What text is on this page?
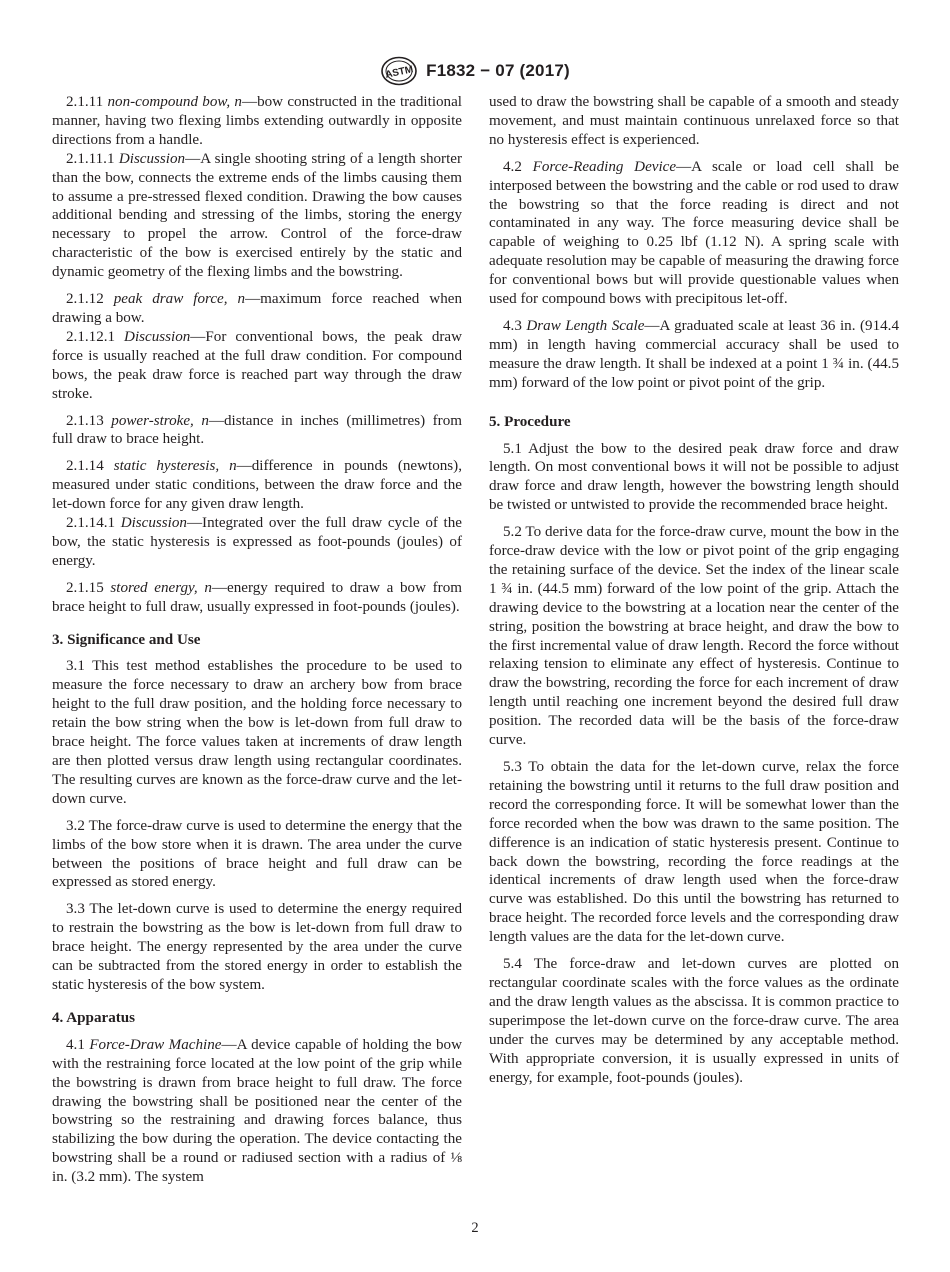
ASTM F1832 − 07 (2017)

2.1.11 non-compound bow, n—bow constructed in the traditional manner, having two flexing limbs extending outwardly in opposite directions from a handle.

2.1.11.1 Discussion—A single shooting string of a length shorter than the bow, connects the extreme ends of the limbs causing them to assume a pre-stressed flexed condition. Drawing the bow causes additional bending and stressing of the limbs, storing the energy necessary to propel the arrow. Control of the force-draw characteristic of the bow is exercised entirely by the static and dynamic geometry of the flexing limbs and the bowstring.

2.1.12 peak draw force, n—maximum force reached when drawing a bow.

2.1.12.1 Discussion—For conventional bows, the peak draw force is usually reached at the full draw condition. For compound bows, the peak draw force is reached part way through the draw stroke.

2.1.13 power-stroke, n—distance in inches (millimetres) from full draw to brace height.

2.1.14 static hysteresis, n—difference in pounds (newtons), measured under static conditions, between the draw force and the let-down force for any given draw length.

2.1.14.1 Discussion—Integrated over the full draw cycle of the bow, the static hysteresis is expressed as foot-pounds (joules) of energy.

2.1.15 stored energy, n—energy required to draw a bow from brace height to full draw, usually expressed in foot-pounds (joules).

3. Significance and Use

3.1 This test method establishes the procedure to be used to measure the force necessary to draw an archery bow from brace height to the full draw position, and the holding force necessary to retain the bow string when the bow is let-down from full draw to brace height. The force values taken at increments of draw length are then plotted versus draw length using rectangular coordinates. The resulting curves are known as the force-draw curve and the let-down curve.

3.2 The force-draw curve is used to determine the energy that the limbs of the bow store when it is drawn. The area under the curve between the positions of brace height and full draw can be expressed as stored energy.

3.3 The let-down curve is used to determine the energy required to restrain the bowstring as the bow is let-down from full draw to brace height. The energy represented by the area under the curve can be subtracted from the stored energy in order to establish the static hysteresis of the bow system.

4. Apparatus

4.1 Force-Draw Machine—A device capable of holding the bow with the restraining force located at the low point of the grip while the bowstring is drawn from brace height to full draw. The force drawing the bowstring shall be positioned near the center of the bowstring so the restraining and drawing forces balance, thus stabilizing the bow during the operation. The device contacting the bowstring shall be a round or radiused section with a radius of ⅛ in. (3.2 mm). The system

used to draw the bowstring shall be capable of a smooth and steady movement, and must maintain continuous unrelaxed force so that no hysteresis effect is experienced.

4.2 Force-Reading Device—A scale or load cell shall be interposed between the bowstring and the cable or rod used to draw the bowstring so that the force reading is direct and not contaminated in any way. The force measuring device shall be capable of weighing to 0.25 lbf (1.12 N). A spring scale with adequate resolution may be capable of measuring the drawing force for conventional bows but will provide questionable values when used for compound bows with precipitous let-off.

4.3 Draw Length Scale—A graduated scale at least 36 in. (914.4 mm) in length having commercial accuracy shall be used to measure the draw length. It shall be indexed at a point 1 ¾ in. (44.5 mm) forward of the low point or pivot point of the grip.

5. Procedure

5.1 Adjust the bow to the desired peak draw force and draw length. On most conventional bows it will not be possible to adjust draw force and draw length, however the bowstring length should be twisted or untwisted to provide the recommended brace height.

5.2 To derive data for the force-draw curve, mount the bow in the force-draw device with the low or pivot point of the grip engaging the retaining surface of the device. Set the index of the linear scale 1 ¾ in. (44.5 mm) forward of the low point of the grip. Attach the drawing device to the bowstring at a location near the center of the string, position the bowstring at brace height, and draw the bow to the first incremental value of draw length. Record the force without relaxing tension to eliminate any effect of hysteresis. Continue to draw the bowstring, recording the force for each increment of draw length until reaching one increment beyond the desired full draw position. The recorded data will be the basis of the force-draw curve.

5.3 To obtain the data for the let-down curve, relax the force retaining the bowstring until it returns to the full draw position and record the corresponding force. It will be somewhat lower than the force recorded when the bow was drawn to the same position. The difference is an indication of static hysteresis present. Continue to back down the bowstring, recording the force readings at the identical increments of draw length used when the force-draw curve was established. Do this until the bowstring has returned to brace height. The recorded force levels and the corresponding draw length values are the data for the let-down curve.

5.4 The force-draw and let-down curves are plotted on rectangular coordinate scales with the force values as the ordinate and the draw length values as the abscissa. It is common practice to superimpose the let-down curve on the force-draw curve. The area under the curves may be determined by any acceptable method. With appropriate conversion, it is usually expressed in units of energy, for example, foot-pounds (joules).

2
